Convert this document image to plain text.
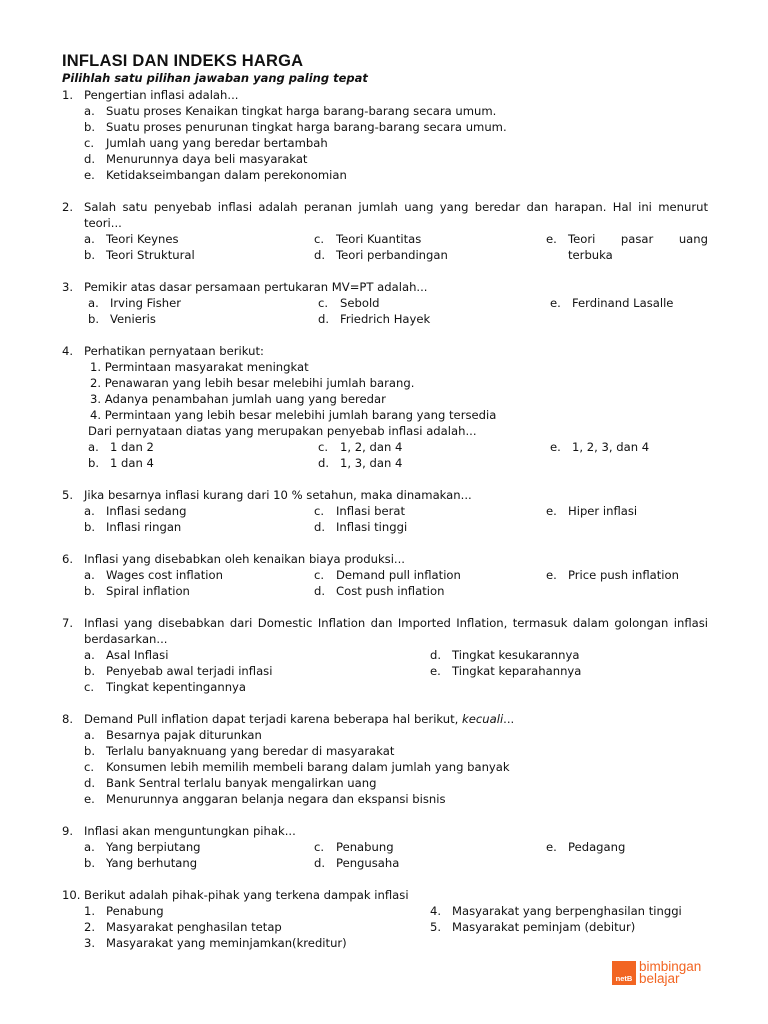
INFLASI DAN INDEKS HARGA

Pilihlah satu pilihan jawaban yang paling tepat

1. Pengertian inflasi adalah...
a. Suatu proses Kenaikan tingkat harga barang-barang secara umum.
b. Suatu proses penurunan tingkat harga barang-barang secara umum.
c.	Jumlah uang yang beredar bertambah
d. Menurunnya daya beli masyarakat
e. Ketidakseimbangan dalam perekonomian
2. Salah satu penyebab inflasi adalah peranan jumlah uang yang beredar dan harapan. Hal ini menurut teori...
a. Teori Keynes	c.	Teori Kuantitas	e. Teori pasar uang
terbuka
b. Teori Struktural	d. Teori perbandingan
3. Pemikir atas dasar persamaan pertukaran MV=PT adalah...
a. Irving Fisher	c.	Sebold	e. Ferdinand Lasalle
b. Venieris	d. Friedrich Hayek
4. Perhatikan pernyataan berikut:
1. Permintaan masyarakat meningkat
2. Penawaran yang lebih besar melebihi jumlah barang.
3. Adanya penambahan jumlah uang yang beredar
4. Permintaan yang lebih besar melebihi jumlah barang yang tersedia
Dari pernyataan diatas yang merupakan penyebab inflasi adalah...
a. 1 dan 2	c.	1, 2, dan 4	e. 1, 2, 3, dan 4
b. 1 dan 4	d. 1, 3, dan 4
5. Jika besarnya inflasi kurang dari 10 % setahun, maka dinamakan...
a. Inflasi sedang	c.	Inflasi berat	e. Hiper inflasi
b. Inflasi ringan	d. Inflasi tinggi
6. Inflasi yang disebabkan oleh kenaikan biaya produksi...
a. Wages cost inflation	c.	Demand pull inflation	e. Price push inflation
b. Spiral inflation	d. Cost push inflation
7. Inflasi yang disebabkan dari Domestic Inflation dan Imported Inflation, termasuk dalam golongan inflasi berdasarkan...
a. Asal Inflasi	d. Tingkat kesukarannya
b. Penyebab awal terjadi inflasi	e. Tingkat keparahannya
c.	Tingkat kepentingannya
8. Demand Pull inflation dapat terjadi karena beberapa hal berikut, kecuali...
a. Besarnya pajak diturunkan
b. Terlalu banyaknuang yang beredar di masyarakat
c.	Konsumen lebih memilih membeli barang dalam jumlah yang banyak
d. Bank Sentral terlalu banyak mengalirkan uang
e. Menurunnya anggaran belanja negara dan ekspansi bisnis
9. Inflasi akan menguntungkan pihak...
a. Yang berpiutang	c.	Penabung	e. Pedagang
b. Yang berhutang	d. Pengusaha
10. Berikut adalah pihak-pihak yang terkena dampak inflasi
1. Penabung	4. Masyarakat yang berpenghasilan tinggi
2. Masyarakat penghasilan tetap	5. Masyarakat peminjam (debitur)
3. Masyarakat yang meminjamkan(kreditur)
netB
bimbingan
belajar
